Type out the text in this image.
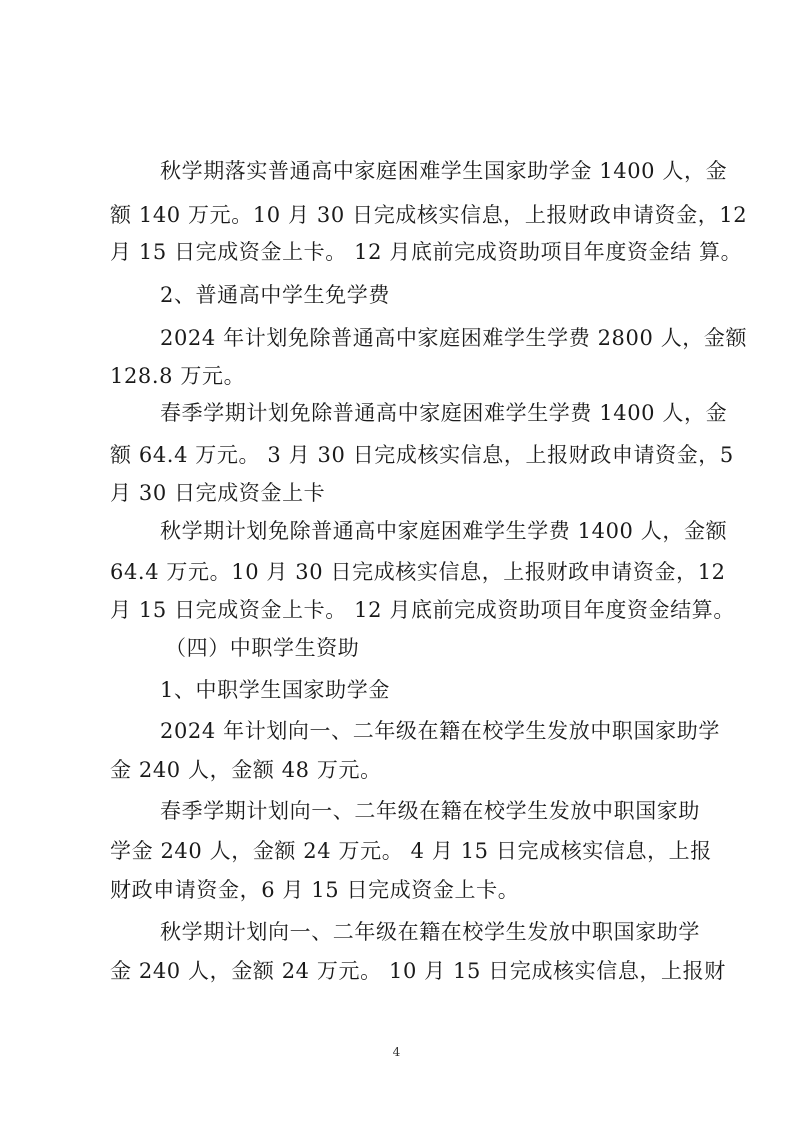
秋学期落实普通高中家庭困难学生国家助学金 1400 人，金
额 140 万元。10 月 30 日完成核实信息，上报财政申请资金，12
月 15 日完成资金上卡。 12 月底前完成资助项目年度资金结 算。
2、普通高中学生免学费
2024 年计划免除普通高中家庭困难学生学费 2800 人，金额
128.8 万元。
春季学期计划免除普通高中家庭困难学生学费 1400 人，金
额 64.4 万元。 3 月 30 日完成核实信息，上报财政申请资金，5
月 30 日完成资金上卡
秋学期计划免除普通高中家庭困难学生学费 1400 人，金额
64.4 万元。10 月 30 日完成核实信息，上报财政申请资金，12
月 15 日完成资金上卡。 12 月底前完成资助项目年度资金结算。
（四）中职学生资助
1、中职学生国家助学金
2024 年计划向一、二年级在籍在校学生发放中职国家助学
金 240 人，金额 48 万元。
春季学期计划向一、二年级在籍在校学生发放中职国家助
学金 240 人，金额 24 万元。 4 月 15 日完成核实信息，上报
财政申请资金，6 月 15 日完成资金上卡。
秋学期计划向一、二年级在籍在校学生发放中职国家助学
金 240 人，金额 24 万元。 10 月 15 日完成核实信息，上报财
4
